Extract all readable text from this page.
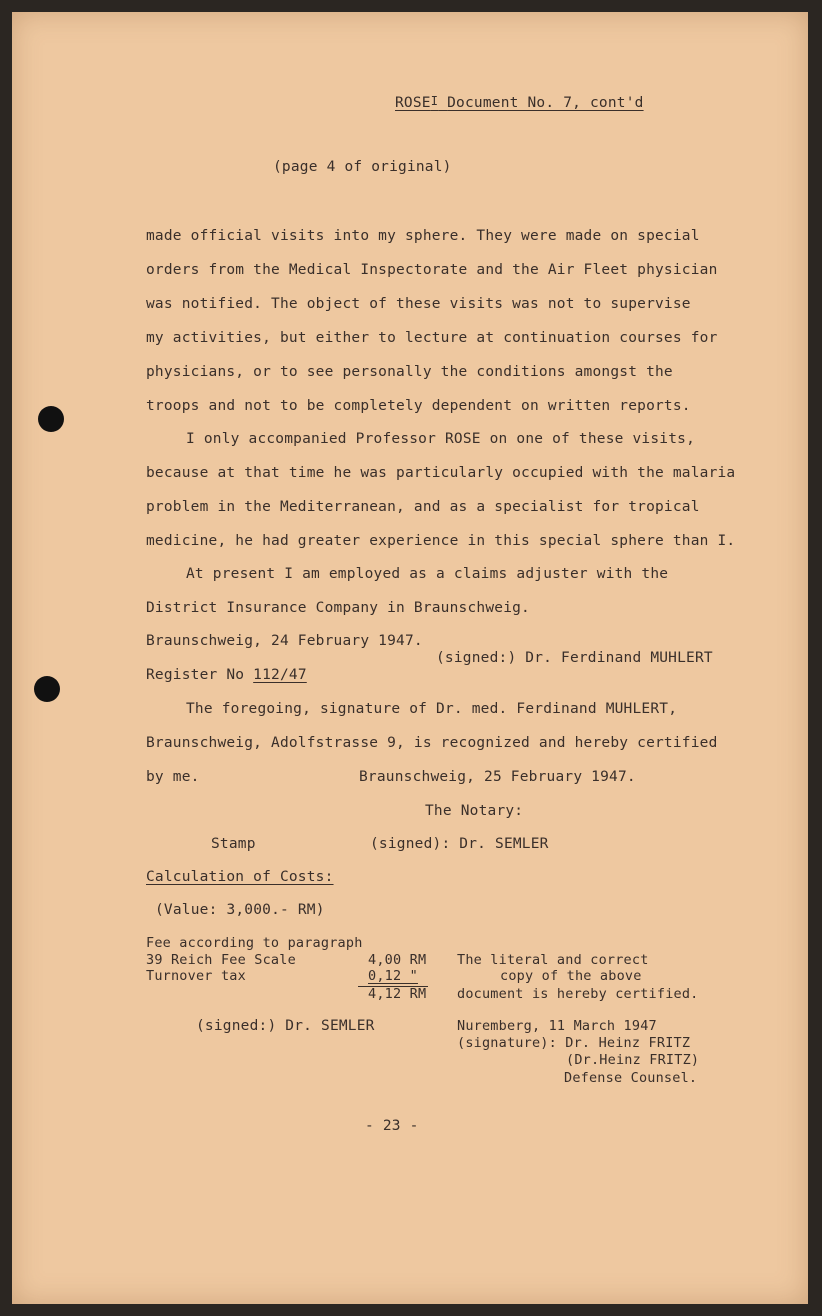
ROSEI Document No. 7, cont'd
(page 4 of original)
made official visits into my sphere. They were made on special
orders from the Medical Inspectorate and the Air Fleet physician
was notified. The object of these visits was not to supervise
my activities, but either to lecture at continuation courses for
physicians, or to see personally the conditions amongst the
troops and not to be completely dependent on written reports.
I only accompanied Professor ROSE on one of these visits,
because at that time he was particularly occupied with the malaria
problem in the Mediterranean, and as a specialist for tropical
medicine, he had greater experience in this special sphere than I.
At present I am employed as a claims adjuster with the
District Insurance Company in Braunschweig.
Braunschweig, 24 February 1947.
(signed:) Dr. Ferdinand MUHLERT
Register No 112/47
The foregoing, signature of Dr. med. Ferdinand MUHLERT,
Braunschweig, Adolfstrasse 9, is recognized and hereby certified
by me.	Braunschweig, 25 February 1947.
The Notary:
Stamp	(signed): Dr. SEMLER
Calculation of Costs:
(Value: 3,000.- RM)
Fee according to paragraph
39 Reich Fee Scale	4,00 RM
Turnover tax	0,12 "
4,12 RM
(signed:) Dr. SEMLER
The literal and correct
copy of the above
document is hereby certified.
Nuremberg, 11 March 1947
(signature): Dr. Heinz FRITZ
(Dr.Heinz FRITZ)
Defense Counsel.
- 23 -
